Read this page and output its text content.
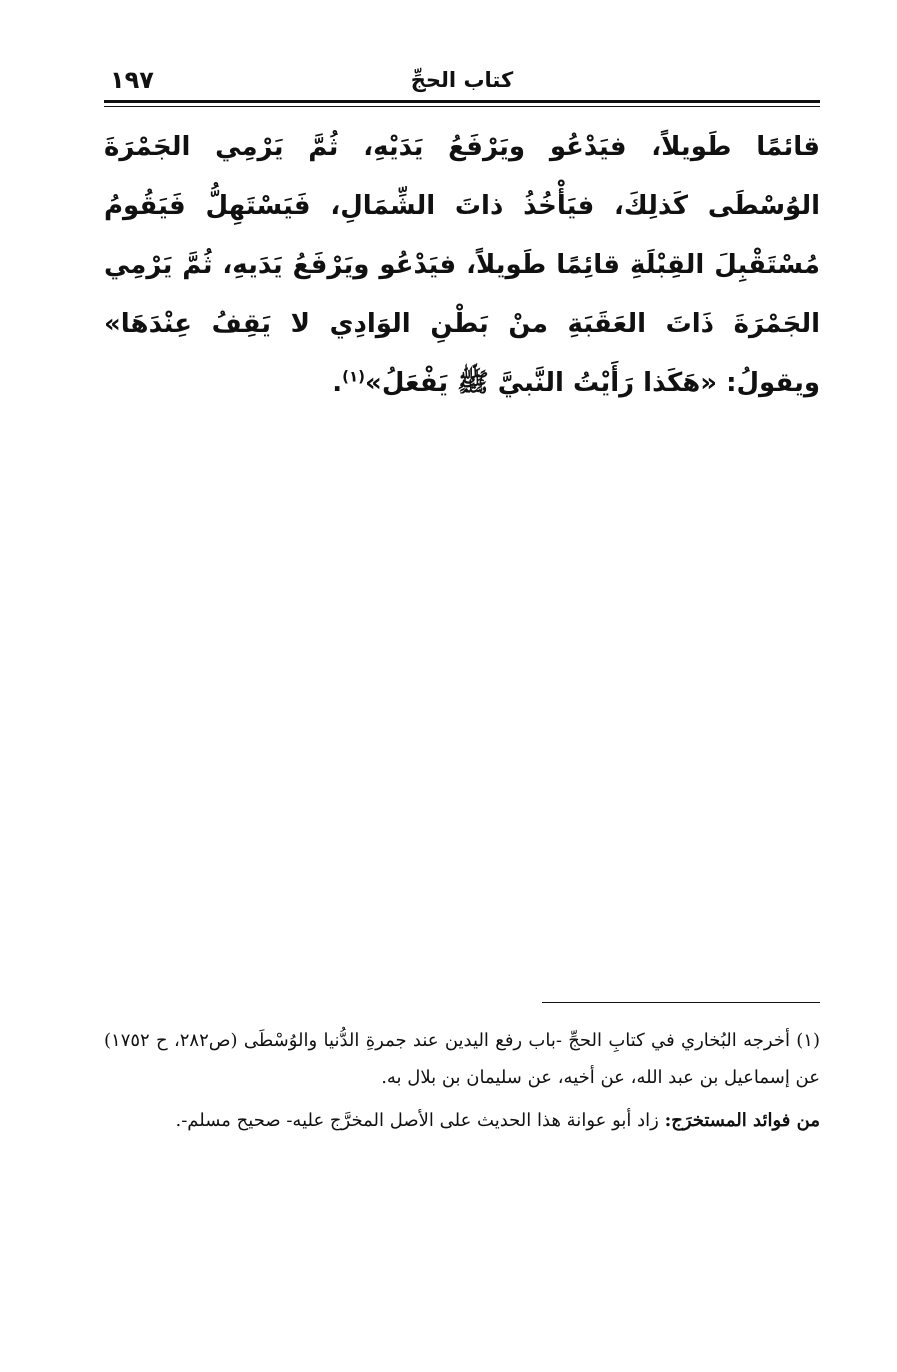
١٩٧	كتاب الحجِّ

قائمًا طَويلاً، فيَدْعُو ويَرْفَعُ يَدَيْهِ، ثُمَّ يَرْمِي الجَمْرَةَ الوُسْطَى كَذلِكَ، فيَأْخُذُ ذاتَ الشِّمَالِ، فَيَسْتَهِلُّ فَيَقُومُ مُسْتَقْبِلَ القِبْلَةِ قائِمًا طَويلاً، فيَدْعُو ويَرْفَعُ يَدَيهِ، ثُمَّ يَرْمِي الجَمْرَةَ ذَاتَ العَقَبَةِ منْ بَطْنِ الوَادِي لا يَقِفُ عِنْدَهَا» ويقولُ: «هَكَذا رَأَيْتُ النَّبيَّ ﷺ يَفْعَلُ»$^{(١)}$.

(١) أخرجه البُخاري في كتابِ الحجِّ -باب رفع اليدين عند جمرةِ الدُّنيا والوُسْطَى (ص٢٨٢، ح ١٧٥٢) عن إسماعيل بن عبد الله، عن أخيه، عن سليمان بن بلال به.

من فوائد المستخرَج: زاد أبو عوانة هذا الحديث على الأصل المخرَّج عليه- صحيح مسلم-.
